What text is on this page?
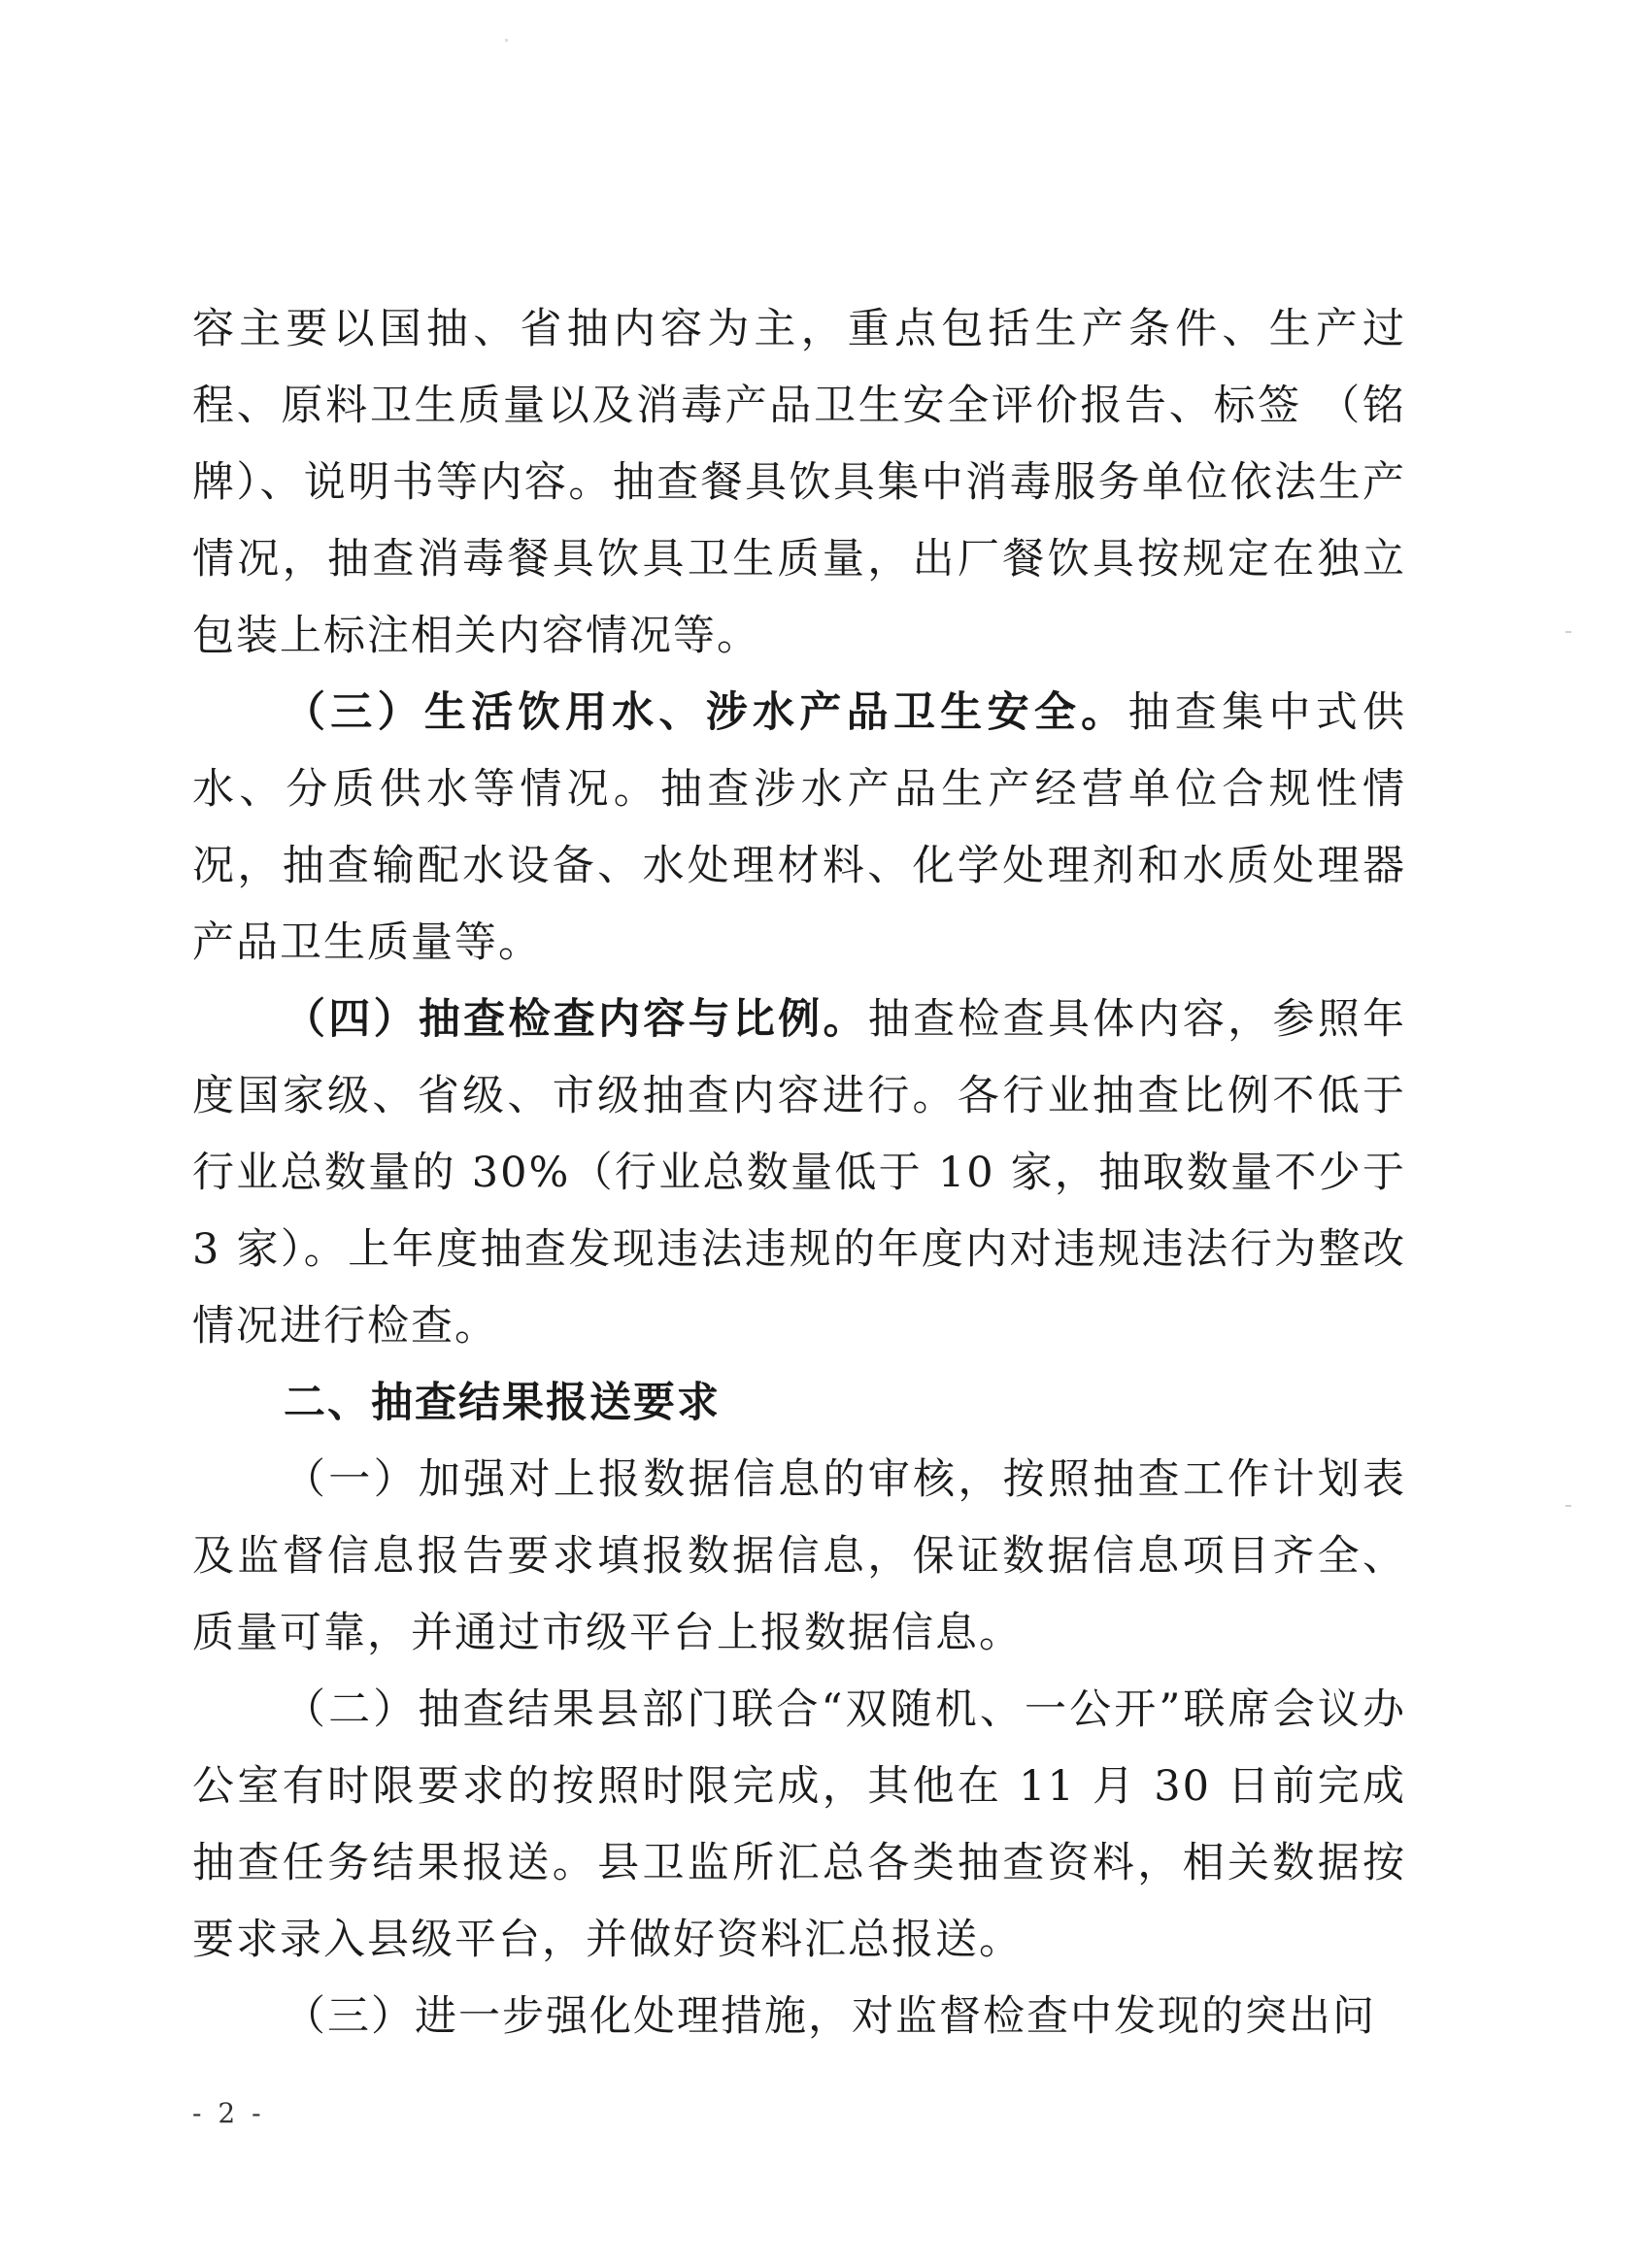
容主要以国抽、省抽内容为主，重点包括生产条件、生产过程、原料卫生质量以及消毒产品卫生安全评价报告、标签 （铭牌）、说明书等内容。抽查餐具饮具集中消毒服务单位依法生产情况，抽查消毒餐具饮具卫生质量，出厂餐饮具按规定在独立包装上标注相关内容情况等。

（三）生活饮用水、涉水产品卫生安全。抽查集中式供水、分质供水等情况。抽查涉水产品生产经营单位合规性情况，抽查输配水设备、水处理材料、化学处理剂和水质处理器产品卫生质量等。

（四）抽查检查内容与比例。抽查检查具体内容，参照年度国家级、省级、市级抽查内容进行。各行业抽查比例不低于行业总数量的 30%（行业总数量低于 10 家，抽取数量不少于 3 家）。上年度抽查发现违法违规的年度内对违规违法行为整改情况进行检查。

二、抽查结果报送要求

（一）加强对上报数据信息的审核，按照抽查工作计划表及监督信息报告要求填报数据信息，保证数据信息项目齐全、质量可靠，并通过市级平台上报数据信息。

（二）抽查结果县部门联合“双随机、一公开”联席会议办公室有时限要求的按照时限完成，其他在 11 月 30 日前完成抽查任务结果报送。县卫监所汇总各类抽查资料，相关数据按要求录入县级平台，并做好资料汇总报送。

（三）进一步强化处理措施，对监督检查中发现的突出问

- 2 -
